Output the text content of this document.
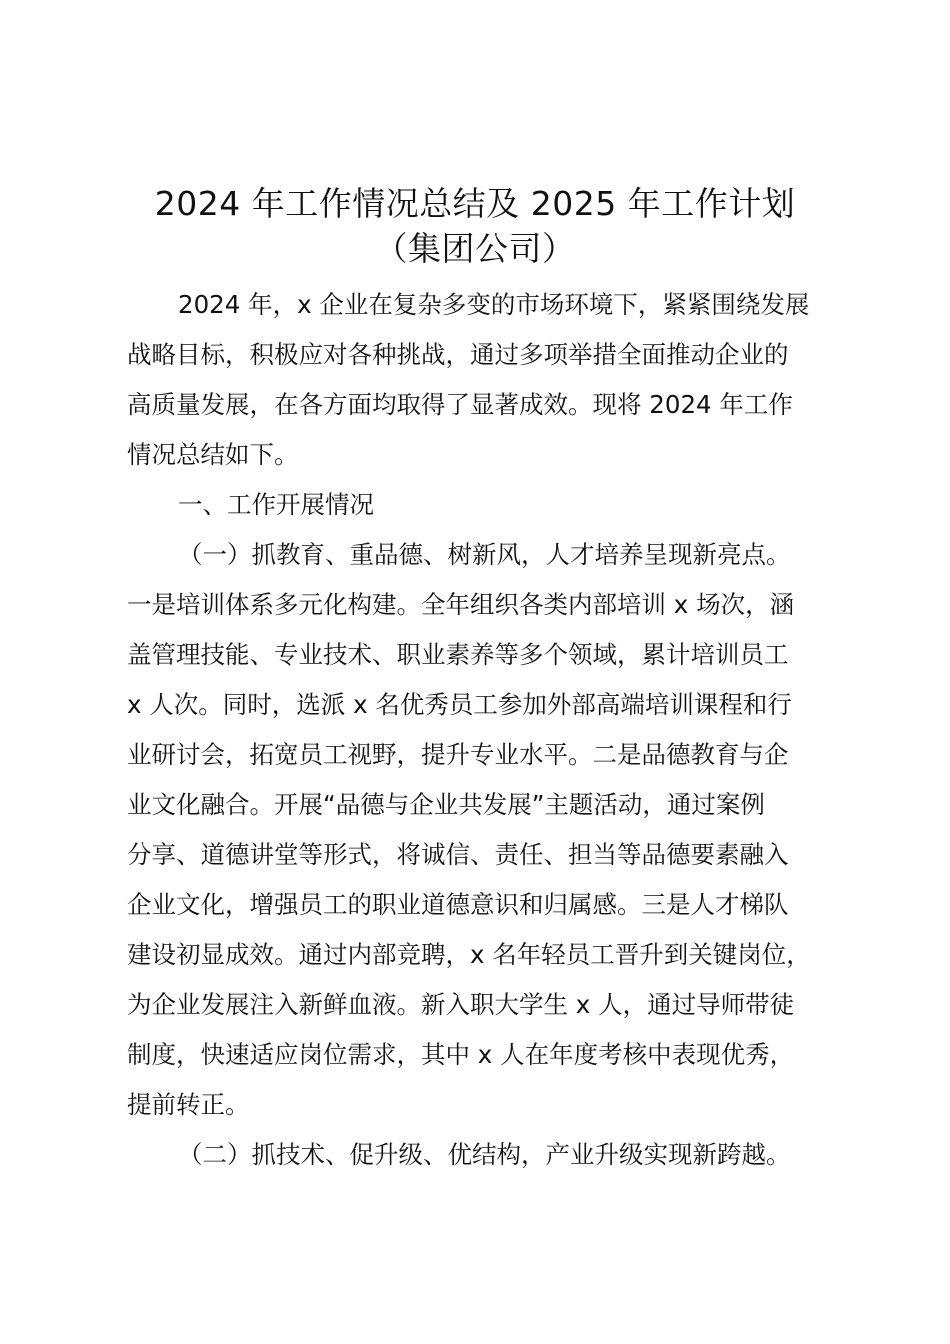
2024 年工作情况总结及 2025 年工作计划
（集团公司）
2024 年，x 企业在复杂多变的市场环境下，紧紧围绕发展
战略目标，积极应对各种挑战，通过多项举措全面推动企业的
高质量发展，在各方面均取得了显著成效。现将 2024 年工作
情况总结如下。
一、工作开展情况
（一）抓教育、重品德、树新风，人才培养呈现新亮点。
一是培训体系多元化构建。全年组织各类内部培训 x 场次，涵
盖管理技能、专业技术、职业素养等多个领域，累计培训员工
x 人次。同时，选派 x 名优秀员工参加外部高端培训课程和行
业研讨会，拓宽员工视野，提升专业水平。二是品德教育与企
业文化融合。开展“品德与企业共发展”主题活动，通过案例
分享、道德讲堂等形式，将诚信、责任、担当等品德要素融入
企业文化，增强员工的职业道德意识和归属感。三是人才梯队
建设初显成效。通过内部竞聘，x 名年轻员工晋升到关键岗位，
为企业发展注入新鲜血液。新入职大学生 x 人，通过导师带徒
制度，快速适应岗位需求，其中 x 人在年度考核中表现优秀，
提前转正。
（二）抓技术、促升级、优结构，产业升级实现新跨越。
